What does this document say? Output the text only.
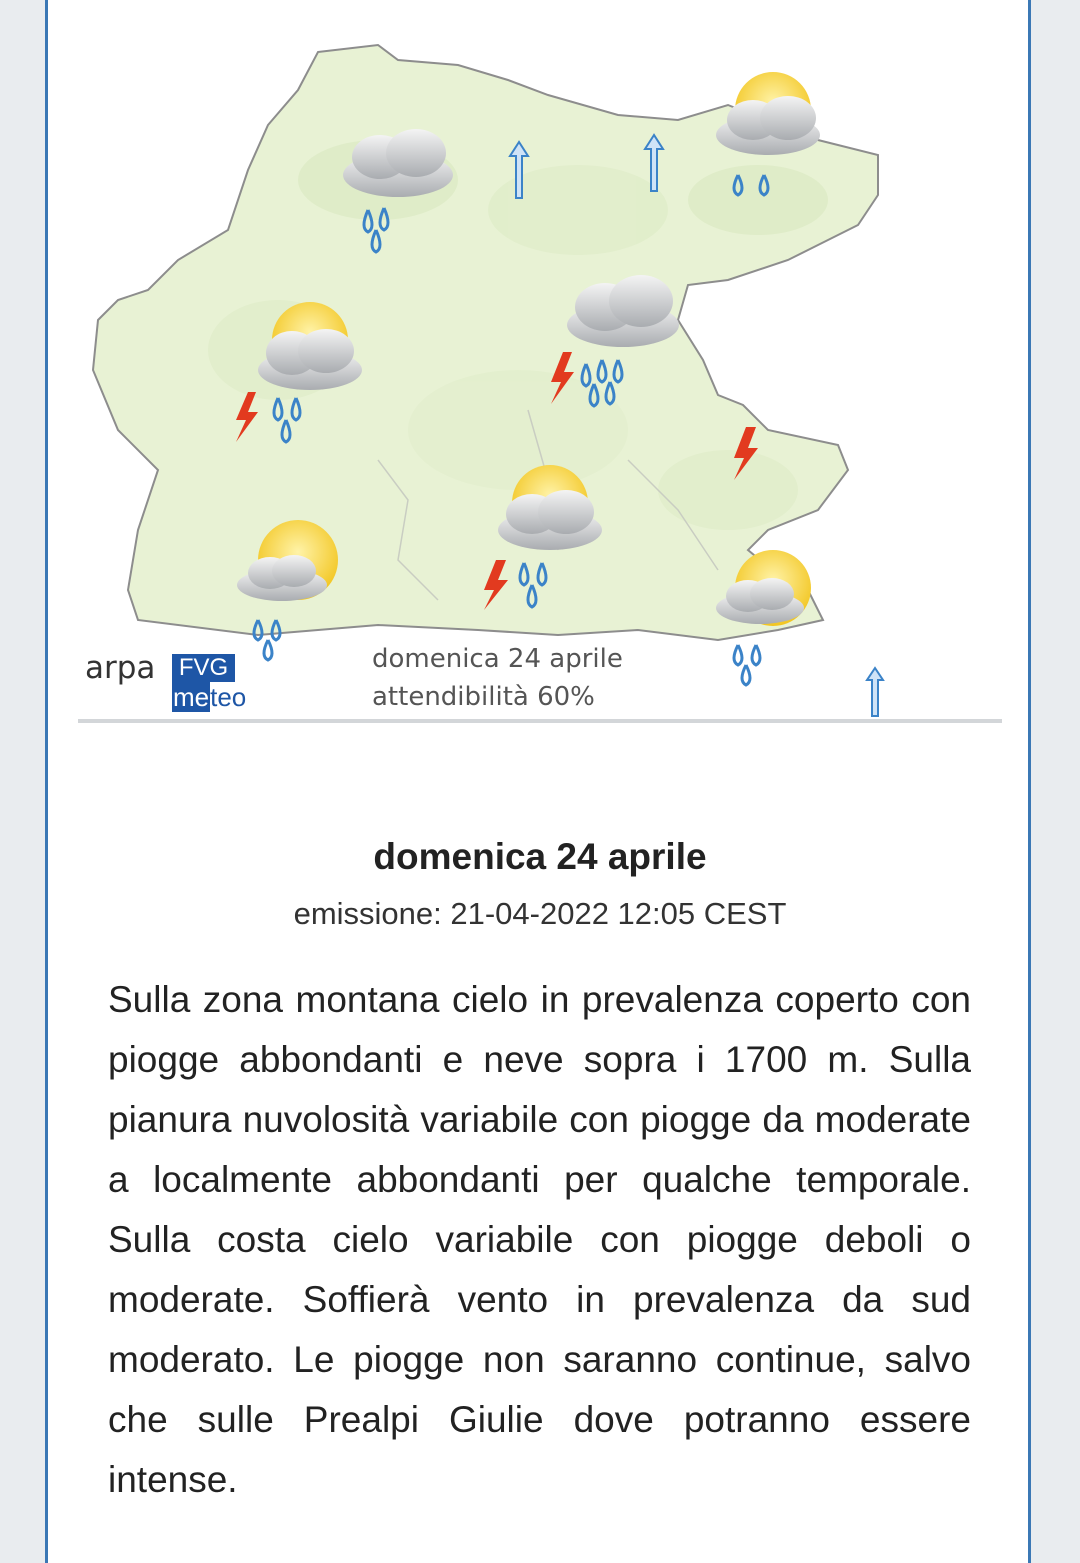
arpa FVG
meteo
domenica 24 aprile
attendibilità 60%
domenica 24 aprile
emissione: 21-04-2022 12:05 CEST
Sulla zona montana cielo in prevalenza coperto con piogge abbondanti e neve sopra i 1700 m. Sulla pianura nuvolosità variabile con piogge da moderate a localmente abbondanti per qualche temporale. Sulla costa cielo variabile con piogge deboli o moderate. Soffierà vento in prevalenza da sud moderato. Le piogge non saranno continue, salvo che sulle Prealpi Giulie dove potranno essere intense.
